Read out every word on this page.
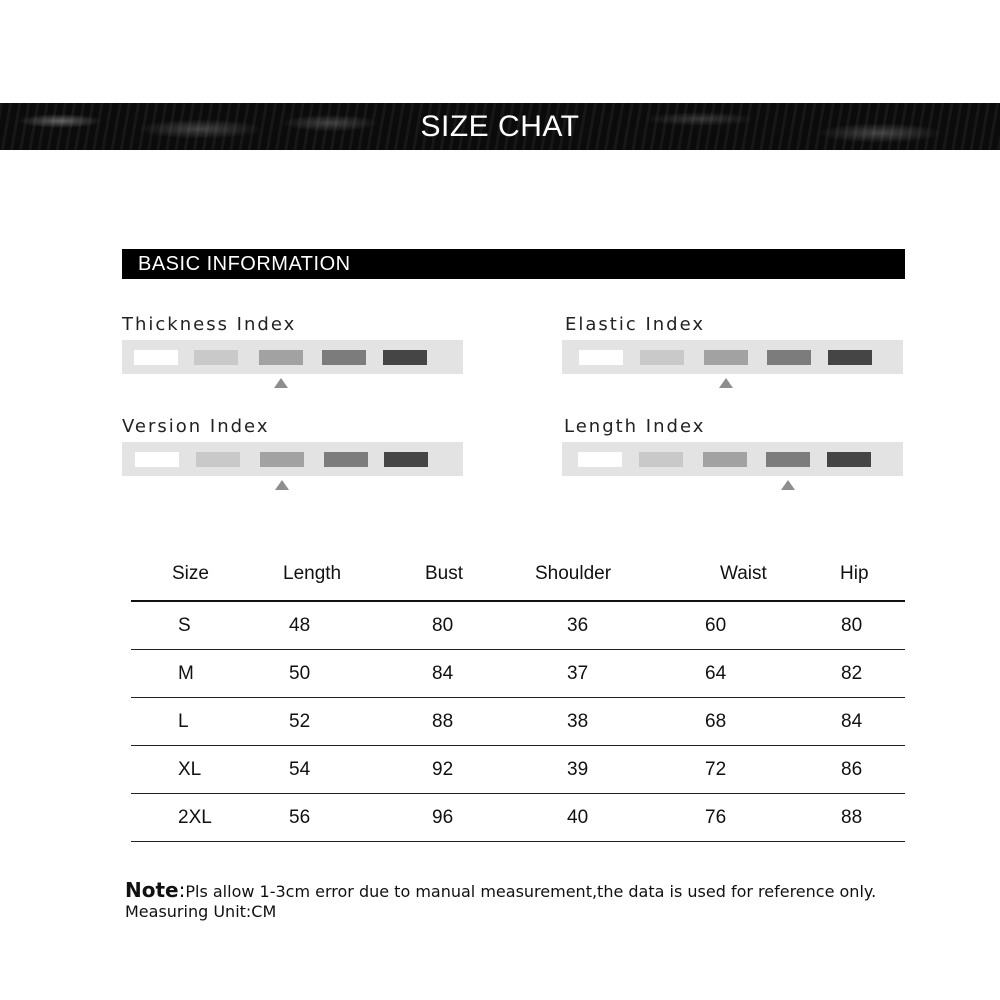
SIZE CHAT
BASIC INFORMATION
Thickness Index	Elastic Index
Version Index	Length Index
Size	Length	Bust	Shoulder	Waist	Hip
S	48	80	36	60	80
M	50	84	37	64	82
L	52	88	38	68	84
XL	54	92	39	72	86
2XL	56	96	40	76	88
Note:Pls allow 1-3cm error due to manual measurement,the data is used for reference only.
Measuring Unit:CM
